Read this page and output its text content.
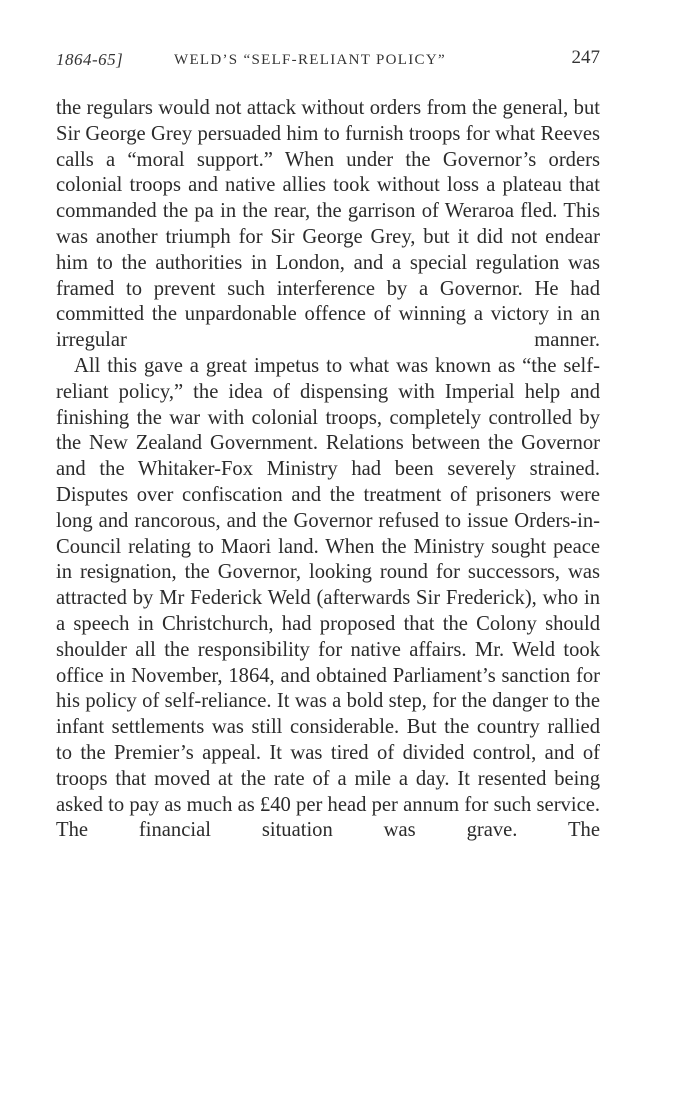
1864-65]	WELD’S “SELF-RELIANT POLICY”	247

the regulars would not attack without orders from the general, but Sir George Grey persuaded him to furnish troops for what Reeves calls a “moral support.” When under the Governor’s orders colonial troops and native allies took without loss a plateau that commanded the pa in the rear, the garrison of Weraroa fled. This was another triumph for Sir George Grey, but it did not endear him to the authorities in London, and a special regulation was framed to prevent such interference by a Governor. He had committed the unpardonable offence of winning a victory in an irregular manner.

All this gave a great impetus to what was known as “the self-reliant policy,” the idea of dispensing with Imperial help and finishing the war with colonial troops, completely controlled by the New Zealand Government. Relations between the Governor and the Whitaker-Fox Ministry had been severely strained. Disputes over confiscation and the treatment of prisoners were long and rancorous, and the Governor refused to issue Orders-in-Council relating to Maori land. When the Ministry sought peace in resignation, the Governor, looking round for successors, was attracted by Mr Federick Weld (afterwards Sir Frederick), who in a speech in Christchurch, had proposed that the Colony should shoulder all the responsibility for native affairs. Mr. Weld took office in November, 1864, and obtained Parliament’s sanction for his policy of self-reliance. It was a bold step, for the danger to the infant settlements was still considerable. But the country rallied to the Premier’s appeal. It was tired of divided control, and of troops that moved at the rate of a mile a day. It resented being asked to pay as much as £40 per head per annum for such service. The financial situation was grave. The
